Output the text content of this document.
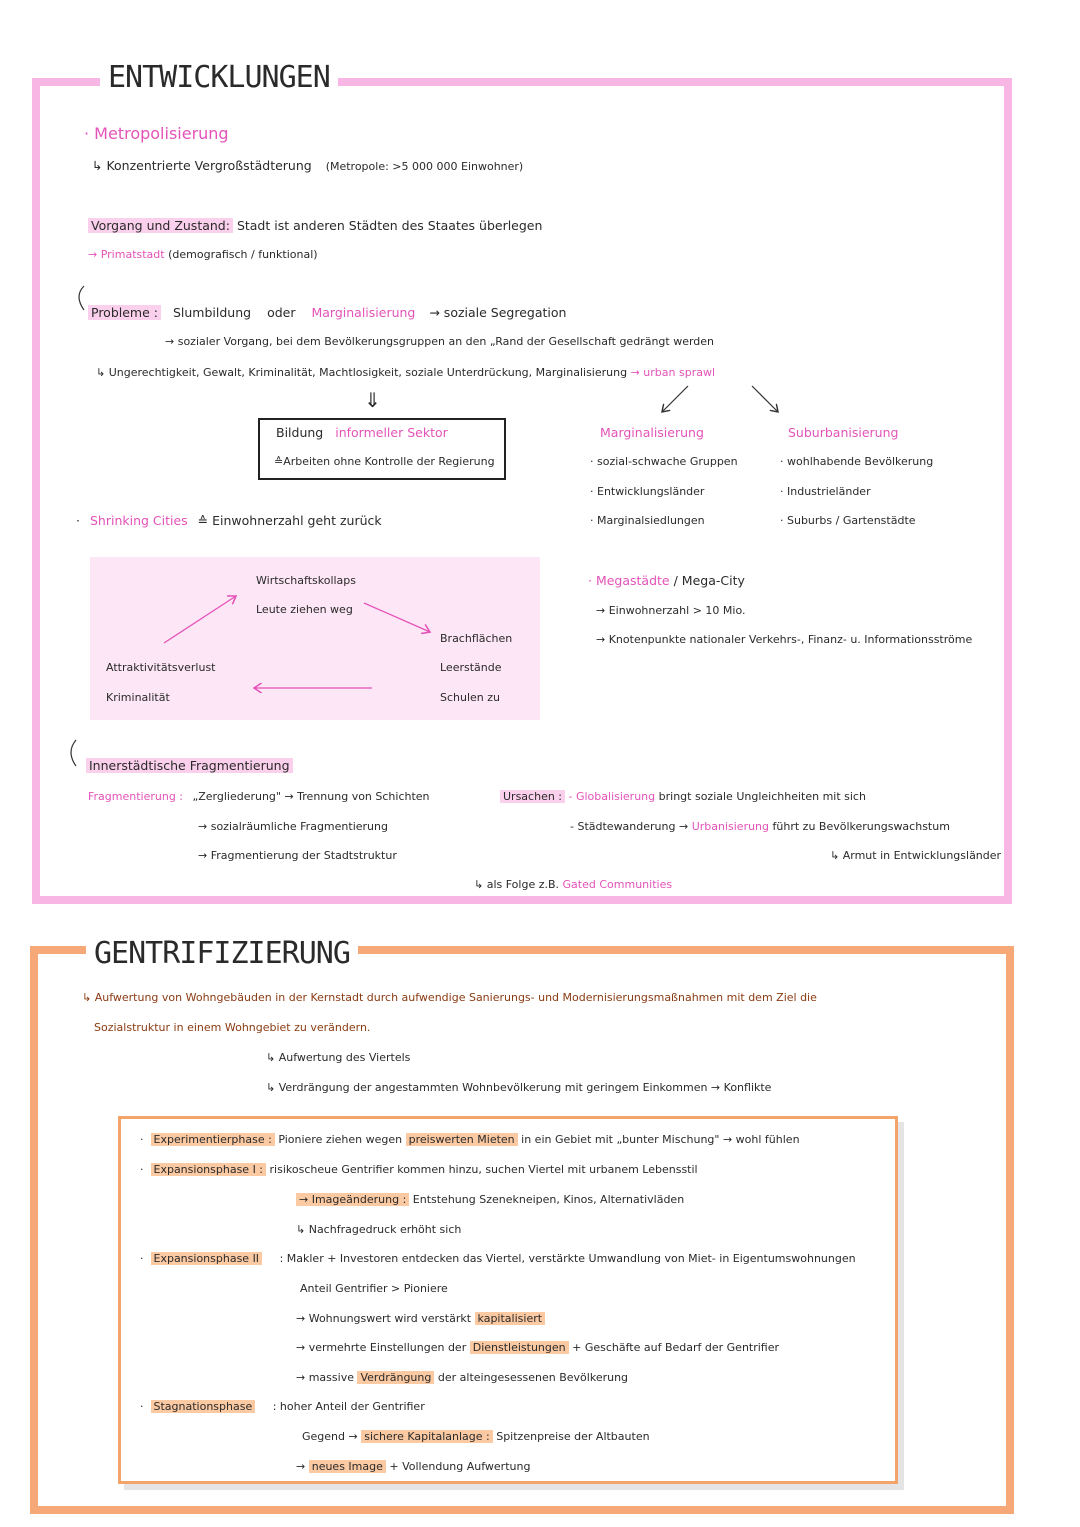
ENTWICKLUNGEN
· Metropolisierung
↳ Konzentrierte Vergroßstädterung (Metropole: >5 000 000 Einwohner)
Vorgang und Zustand: Stadt ist anderen Städten des Staates überlegen
→ Primatstadt (demografisch / funktional)
Probleme : Slumbildung oder Marginalisierung → soziale Segregation
→ sozialer Vorgang, bei dem Bevölkerungsgruppen an den „Rand der Gesellschaft gedrängt werden
↳ Ungerechtigkeit, Gewalt, Kriminalität, Machtlosigkeit, soziale Unterdrückung, Marginalisierung → urban sprawl
⇓
Bildung informeller Sektor
≙Arbeiten ohne Kontrolle der Regierung
Marginalisierung
· sozial-schwache Gruppen
· Entwicklungsländer
· Marginalsiedlungen
Suburbanisierung
· wohlhabende Bevölkerung
· Industrieländer
· Suburbs / Gartenstädte
· Shrinking Cities ≙ Einwohnerzahl geht zurück
Wirtschaftskollaps
Leute ziehen weg
Brachflächen
Leerstände
Schulen zu
Attraktivitätsverlust
Kriminalität
· Megastädte / Mega-City
→ Einwohnerzahl > 10 Mio.
→ Knotenpunkte nationaler Verkehrs-, Finanz- u. Informationsströme
Innerstädtische Fragmentierung
Fragmentierung : „Zergliederung" → Trennung von Schichten
→ sozialräumliche Fragmentierung
→ Fragmentierung der Stadtstruktur
Ursachen : - Globalisierung bringt soziale Ungleichheiten mit sich
- Städtewanderung → Urbanisierung führt zu Bevölkerungswachstum
↳ Armut in Entwicklungsländer
↳ als Folge z.B. Gated Communities
GENTRIFIZIERUNG
↳ Aufwertung von Wohngebäuden in der Kernstadt durch aufwendige Sanierungs- und Modernisierungsmaßnahmen mit dem Ziel die
Sozialstruktur in einem Wohngebiet zu verändern.
↳ Aufwertung des Viertels
↳ Verdrängung der angestammten Wohnbevölkerung mit geringem Einkommen → Konflikte
·  Experimentierphase : Pioniere ziehen wegen preiswerten Mieten in ein Gebiet mit „bunter Mischung" → wohl fühlen
·  Expansionsphase I : risikoscheue Gentrifier kommen hinzu, suchen Viertel mit urbanem Lebensstil
→ Imageänderung : Entstehung Szenekneipen, Kinos, Alternativläden
↳ Nachfragedruck erhöht sich
·  Expansionsphase II : Makler + Investoren entdecken das Viertel, verstärkte Umwandlung von Miet- in Eigentumswohnungen
Anteil Gentrifier > Pioniere
→ Wohnungswert wird verstärkt kapitalisiert
→ vermehrte Einstellungen der Dienstleistungen + Geschäfte auf Bedarf der Gentrifier
→ massive Verdrängung der alteingesessenen Bevölkerung
·  Stagnationsphase : hoher Anteil der Gentrifier
Gegend → sichere Kapitalanlage : Spitzenpreise der Altbauten
→ neues Image + Vollendung Aufwertung
